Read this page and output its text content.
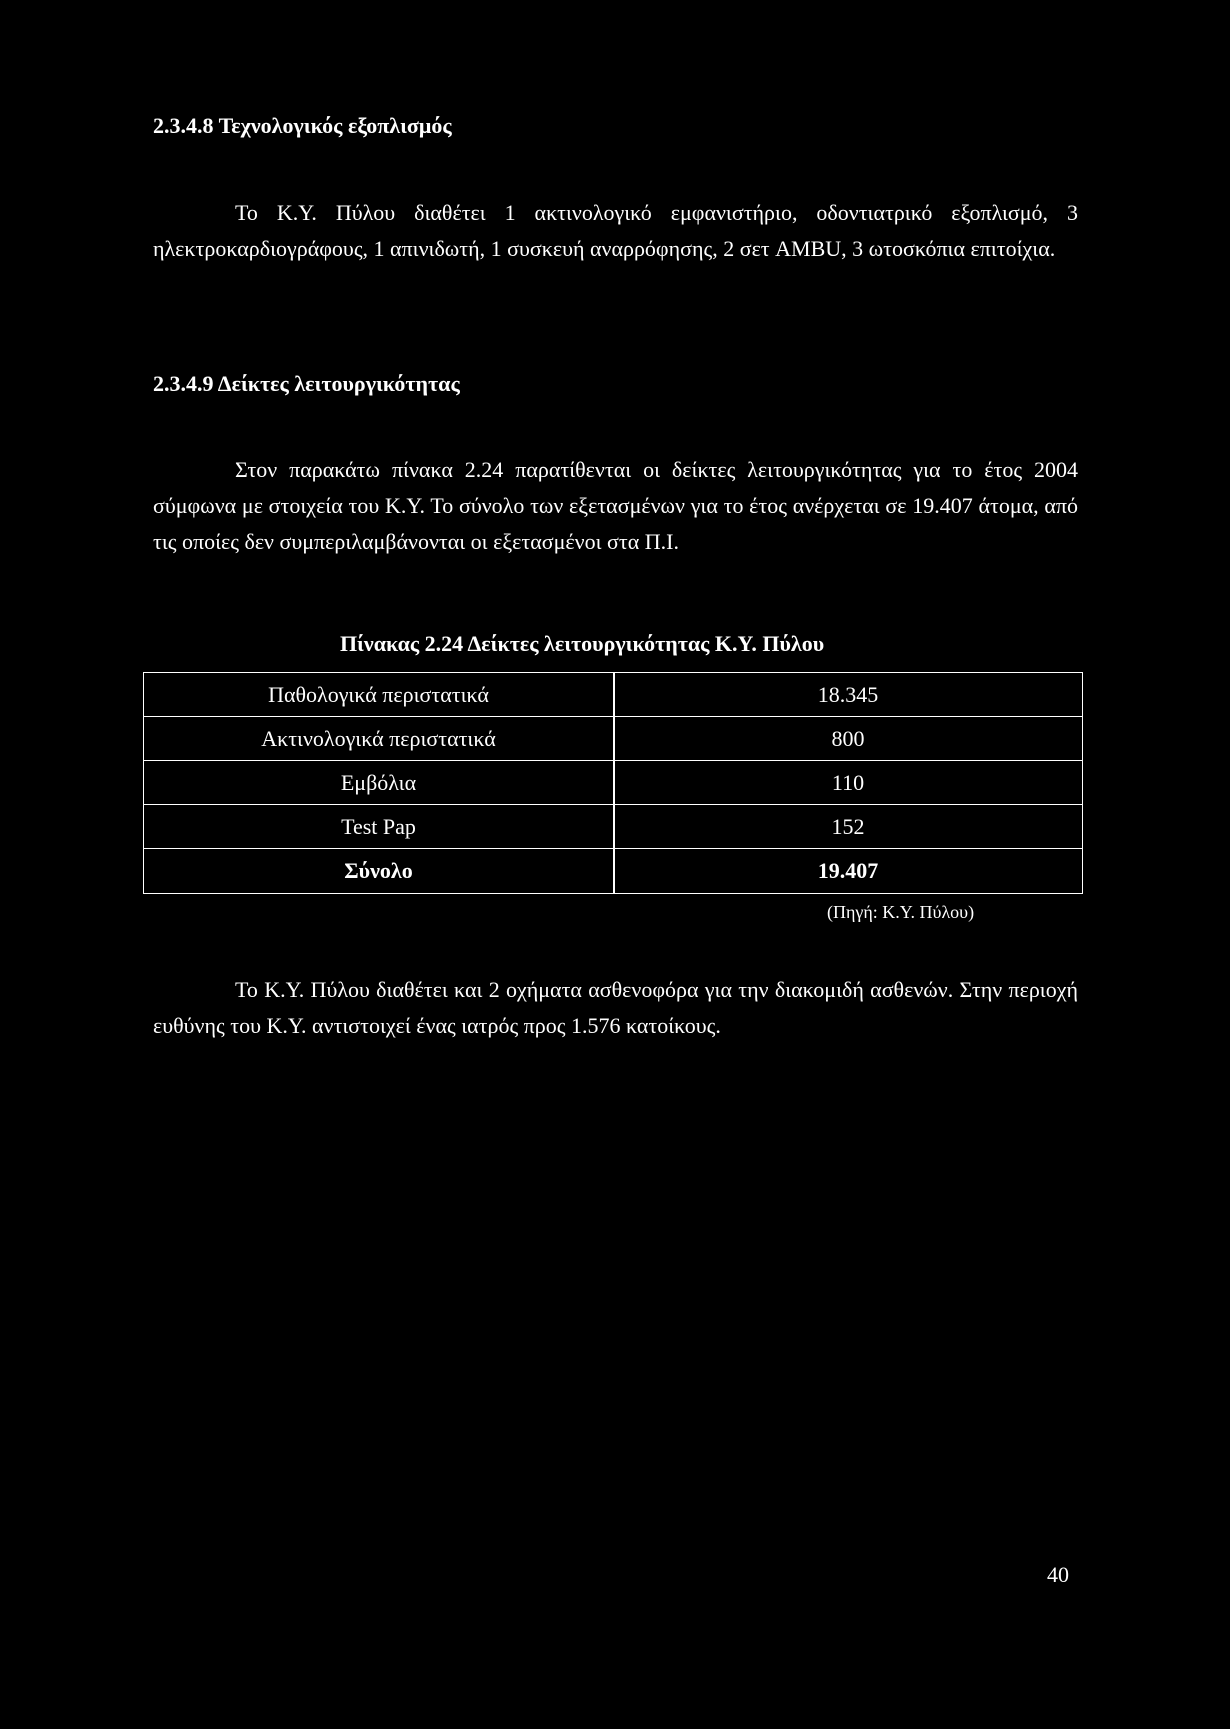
2.3.4.8 Τεχνολογικός εξοπλισμός
Το Κ.Υ. Πύλου διαθέτει 1 ακτινολογικό εμφανιστήριο, οδοντιατρικό εξοπλισμό, 3 ηλεκτροκαρδιογράφους, 1 απινιδωτή, 1 συσκευή αναρρόφησης, 2 σετ AMBU, 3 ωτοσκόπια επιτοίχια.
2.3.4.9 Δείκτες λειτουργικότητας
Στον παρακάτω πίνακα 2.24 παρατίθενται οι δείκτες λειτουργικότητας για το έτος 2004 σύμφωνα με στοιχεία του Κ.Υ. Το σύνολο των εξετασμένων για το έτος ανέρχεται σε 19.407 άτομα, από τις οποίες δεν συμπεριλαμβάνονται οι εξετασμένοι στα Π.Ι.
Πίνακας 2.24 Δείκτες λειτουργικότητας Κ.Υ. Πύλου
Παθολογικά περιστατικά	18.345
Ακτινολογικά περιστατικά	800
Εμβόλια	110
Test Pap	152
Σύνολο	19.407
(Πηγή: Κ.Υ. Πύλου)
Το Κ.Υ. Πύλου διαθέτει και 2 οχήματα ασθενοφόρα για την διακομιδή ασθενών. Στην περιοχή ευθύνης του Κ.Υ. αντιστοιχεί ένας ιατρός προς 1.576 κατοίκους.
40
